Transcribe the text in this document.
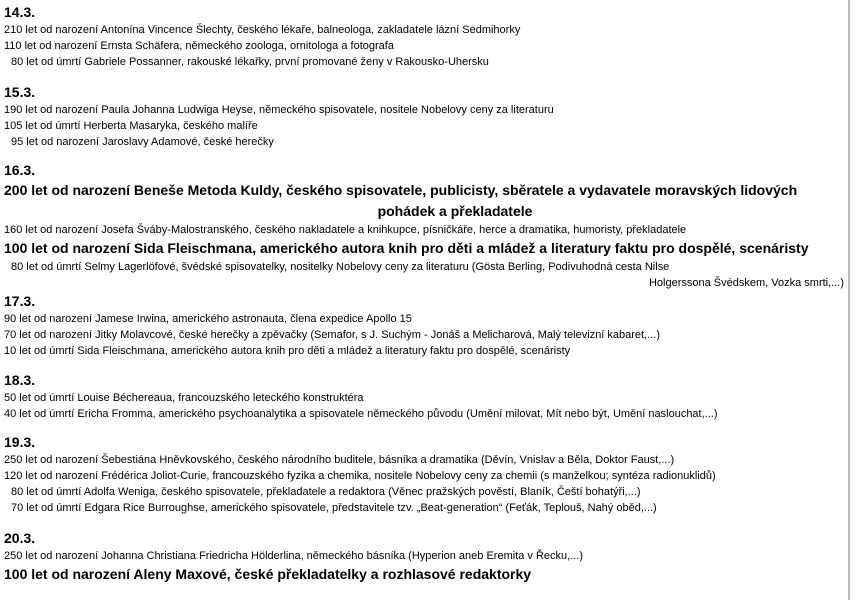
14.3.
210 let od narození Antonína Vincence Šlechty, českého lékaře, balneologa, zakladatele lázní Sedmihorky
110 let od narození Ernsta Schäfera, německého zoologa, ornitologa a fotografa
80 let od úmrtí Gabriele Possanner, rakouské lékařky, první promované ženy v Rakousko-Uhersku
15.3.
190 let od narození Paula Johanna Ludwiga Heyse, německého spisovatele, nositele Nobelovy ceny za literaturu
105 let od úmrtí Herberta Masaryka, českého malíře
95 let od narození Jaroslavy Adamové, české herečky
16.3.
200 let od narození Beneše Metoda Kuldy, českého spisovatele, publicisty, sběratele a vydavatele moravských lidových
pohádek a překladatele
160 let od narození Josefa Šváby-Malostranského, českého nakladatele a knihkupce, písničkáře, herce a dramatika, humoristy, překladatele
100 let od narození Sida Fleischmana, amerického autora knih pro děti a mládež a literatury faktu pro dospělé, scenáristy
80 let od úmrtí Selmy Lagerlöfové, švédské spisovatelky, nositelky Nobelovy ceny za literaturu (Gösta Berling, Podivuhodná cesta Nilse
Holgerssona Švédskem, Vozka smrti,...)
17.3.
90 let od narození Jamese Irwina, amerického astronauta, člena expedice Apollo 15
70 let od narození Jitky Molavcové, české herečky a zpěvačky (Semafor, s J. Suchým - Jonáš a Melicharová, Malý televizní kabaret,...)
10 let od úmrtí Sida Fleischmana, amerického autora knih pro děti a mládež a literatury faktu pro dospělé, scenáristy
18.3.
50 let od úmrtí Louise Béchereaua, francouzského leteckého konstruktéra
40 let od úmrtí Ericha Fromma, amerického psychoanalytika a spisovatele německého původu (Umění milovat, Mít nebo být, Umění naslouchat,...)
19.3.
250 let od narození Šebestiána Hněvkovského, českého národního buditele, básníka a dramatika (Děvín, Vnislav a Běla, Doktor Faust,...)
120 let od narození Frédérica Joliot-Curie, francouzského fyzika a chemika, nositele Nobelovy ceny za chemii (s manželkou; syntéza radionuklidů)
80 let od úmrtí Adolfa Weniga, českého spisovatele, překladatele a redaktora (Věnec pražských pověstí, Blaník, Čeští bohatýři,...)
70 let od úmrtí Edgara Rice Burroughse, amerického spisovatele, představitele tzv. „Beat-generation“ (Feťák, Teplouš, Nahý oběd,...)
20.3.
250 let od narození Johanna Christiana Friedricha Hölderlina, německého básníka (Hyperion aneb Eremita v Řecku,...)
100 let od narození Aleny Maxové, české překladatelky a rozhlasové redaktorky
